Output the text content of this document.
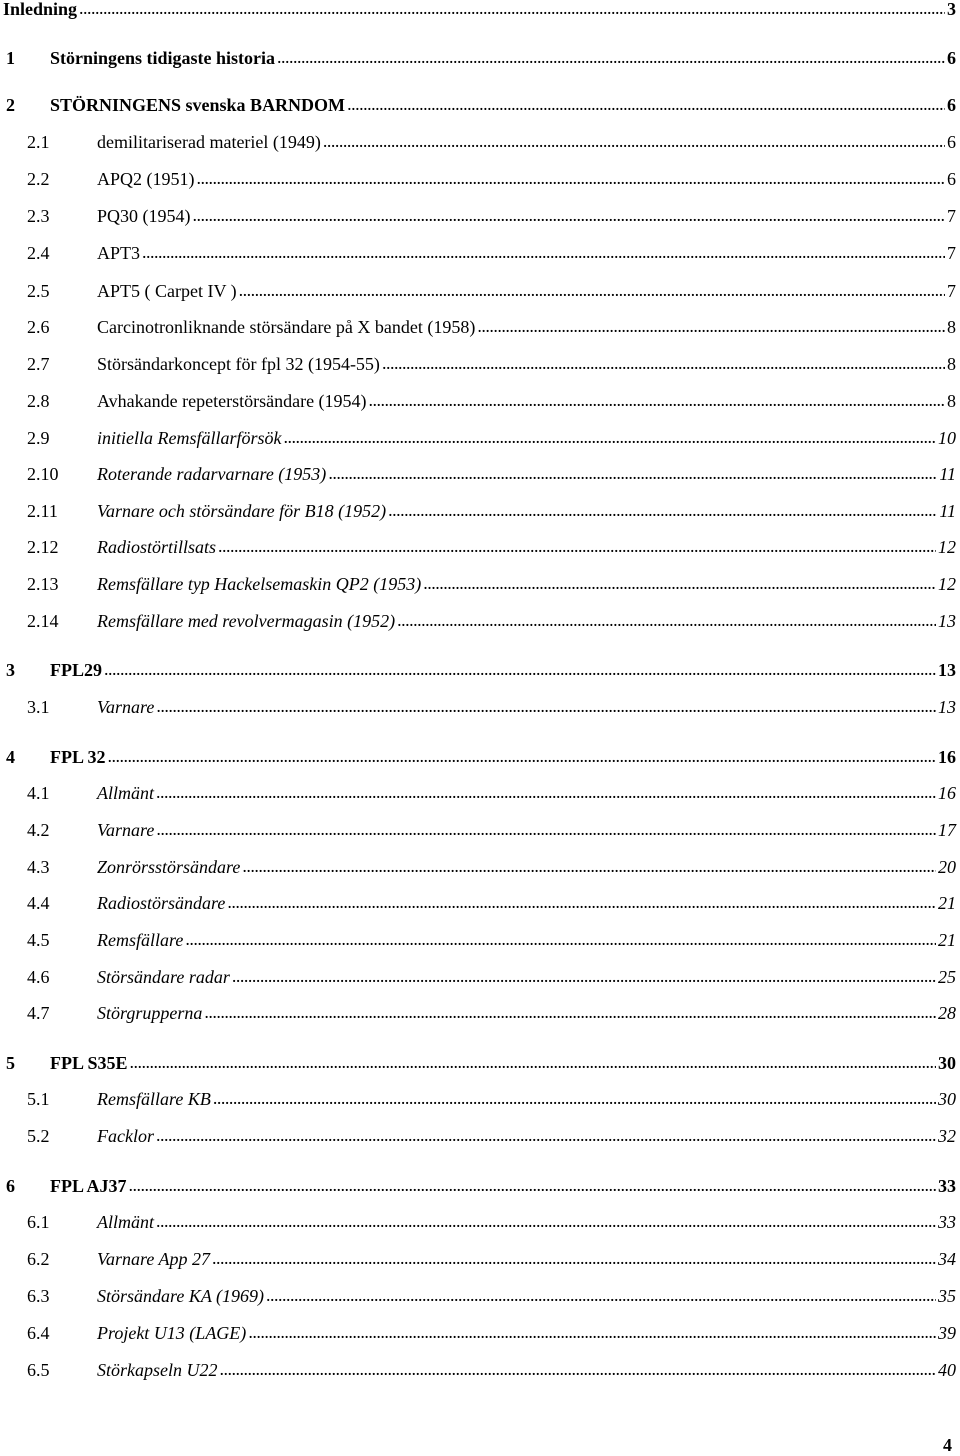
Inledning . . .	3
1	Störningens tidigaste historia . . .	6
2	STÖRNINGENS svenska BARNDOM . . .	6
2.1	demilitariserad materiel (1949) . . .	6
2.2	APQ2 (1951) . . .	6
2.3	PQ30 (1954) . . .	7
2.4	APT3 . . .	7
2.5	APT5 ( Carpet IV ) . . .	7
2.6	Carcinotronliknande störsändare på X bandet (1958) . . .	8
2.7	Störsändarkoncept för fpl 32 (1954-55) . . .	8
2.8	Avhakande repeterstörsändare (1954) . . .	8
2.9	initiella Remsfällarförsök . . .	10
2.10	Roterande radarvarnare (1953) . . .	11
2.11	Varnare och störsändare för B18 (1952) . . .	11
2.12	Radiostörtillsats . . .	12
2.13	Remsfällare typ Hackelsemaskin QP2 (1953) . . .	12
2.14	Remsfällare med revolvermagasin (1952) . . .	13
3	FPL29 . . .	13
3.1	Varnare . . .	13
4	FPL 32 . . .	16
4.1	Allmänt . . .	16
4.2	Varnare . . .	17
4.3	Zonrörsstörsändare . . .	20
4.4	Radiostörsändare . . .	21
4.5	Remsfällare . . .	21
4.6	Störsändare radar . . .	25
4.7	Störgrupperna . . .	28
5	FPL S35E . . .	30
5.1	Remsfällare KB . . .	30
5.2	Facklor . . .	32
6	FPL AJ37 . . .	33
6.1	Allmänt . . .	33
6.2	Varnare App 27 . . .	34
6.3	Störsändare KA (1969) . . .	35
6.4	Projekt U13 (LAGE) . . .	39
6.5	Störkapseln U22 . . .	40
4
